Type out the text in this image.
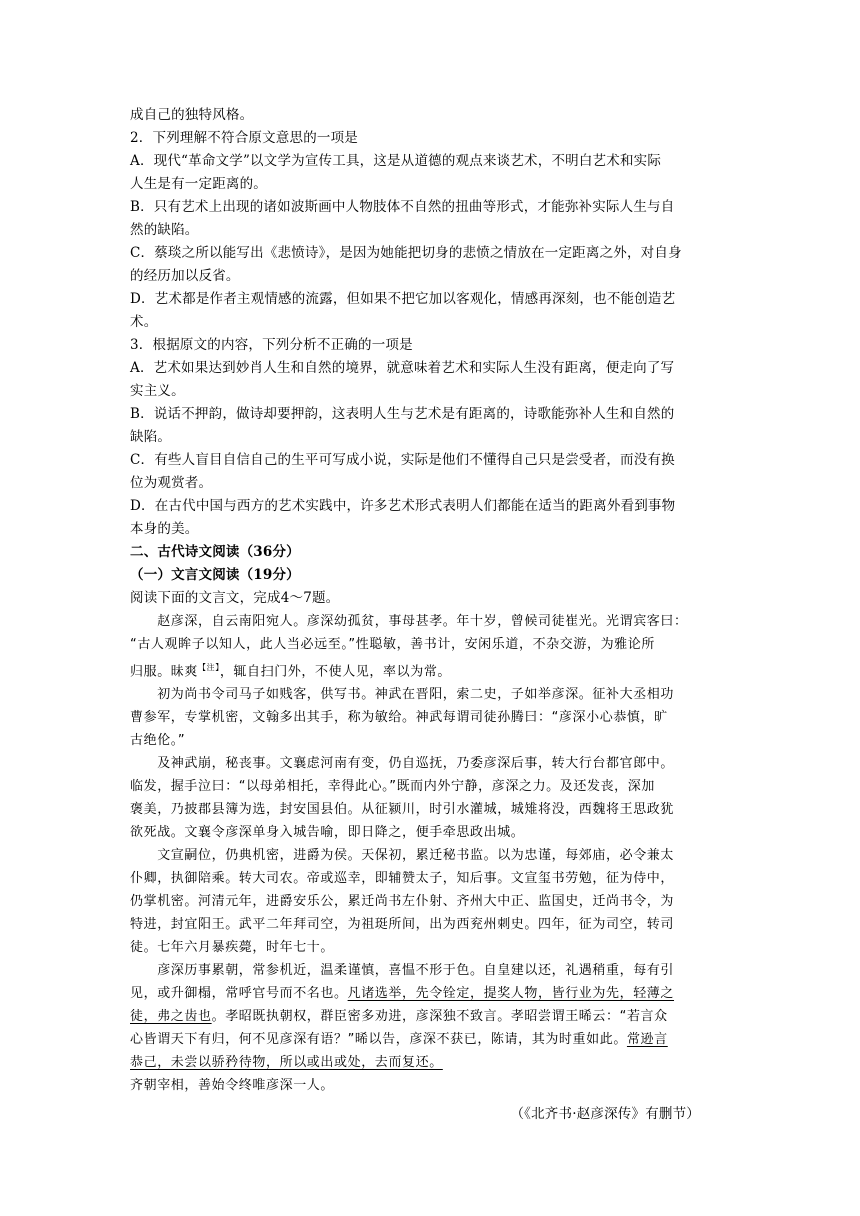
成自己的独特风格。
2．下列理解不符合原文意思的一项是
A．现代“革命文学”以文学为宣传工具，这是从道德的观点来谈艺术，不明白艺术和实际
人生是有一定距离的。
B．只有艺术上出现的诸如波斯画中人物肢体不自然的扭曲等形式，才能弥补实际人生与自
然的缺陷。
C．蔡琰之所以能写出《悲愤诗》，是因为她能把切身的悲愤之情放在一定距离之外，对自身
的经历加以反省。
D．艺术都是作者主观情感的流露，但如果不把它加以客观化，情感再深刻，也不能创造艺
术。
3．根据原文的内容，下列分析不正确的一项是
A．艺术如果达到妙肖人生和自然的境界，就意味着艺术和实际人生没有距离，便走向了写
实主义。
B．说话不押韵，做诗却要押韵，这表明人生与艺术是有距离的，诗歌能弥补人生和自然的
缺陷。
C．有些人盲目自信自己的生平可写成小说，实际是他们不懂得自己只是尝受者，而没有换
位为观赏者。
D．在古代中国与西方的艺术实践中，许多艺术形式表明人们都能在适当的距离外看到事物
本身的美。
二、古代诗文阅读（36分）
（一）文言文阅读（19分）
阅读下面的文言文，完成4～7题。
　　赵彦深，自云南阳宛人。彦深幼孤贫，事母甚孝。年十岁，曾候司徒崔光。光谓宾客曰：
“古人观眸子以知人，此人当必远至。”性聪敏，善书计，安闲乐道，不杂交游，为雅论所
归服。昧爽$^{【注】}$，辄自扫门外，不使人见，率以为常。
　　初为尚书令司马子如贱客，供写书。神武在晋阳，索二史，子如举彦深。征补大丞相功
曹参军，专掌机密，文翰多出其手，称为敏给。神武每谓司徒孙腾曰：“彦深小心恭慎，旷
古绝伦。”
　　及神武崩，秘丧事。文襄虑河南有变，仍自巡抚，乃委彦深后事，转大行台都官郎中。
临发，握手泣曰：“以母弟相托，幸得此心。”既而内外宁静，彦深之力。及还发丧，深加
褒美，乃披郡县簿为选，封安国县伯。从征颍川，时引水灌城，城雉将没，西魏将王思政犹
欲死战。文襄令彦深单身入城告喻，即日降之，便手牵思政出城。
　　文宣嗣位，仍典机密，进爵为侯。天保初，累迁秘书监。以为忠谨，每郊庙，必令兼太
仆卿，执御陪乘。转大司农。帝或巡幸，即辅赞太子，知后事。文宣玺书劳勉，征为侍中，
仍掌机密。河清元年，进爵安乐公，累迁尚书左仆射、齐州大中正、监国史，迁尚书令，为
特进，封宜阳王。武平二年拜司空，为祖珽所间，出为西兖州刺史。四年，征为司空，转司
徒。七年六月暴疾薨，时年七十。
　　彦深历事累朝，常参机近，温柔谨慎，喜愠不形于色。自皇建以还，礼遇稍重，每有引
见，或升御榻，常呼官号而不名也。凡诸选举，先令铨定，提奖人物，皆行业为先，轻薄之
徒，弗之齿也。孝昭既执朝权，群臣密多劝进，彦深独不致言。孝昭尝谓王晞云：“若言众
心皆谓天下有归，何不见彦深有语？”晞以告，彦深不获已，陈请，其为时重如此。常逊言
恭己，未尝以骄矜待物，所以或出或处，去而复还。
齐朝宰相，善始令终唯彦深一人。
（《北齐书·赵彦深传》有删节）
